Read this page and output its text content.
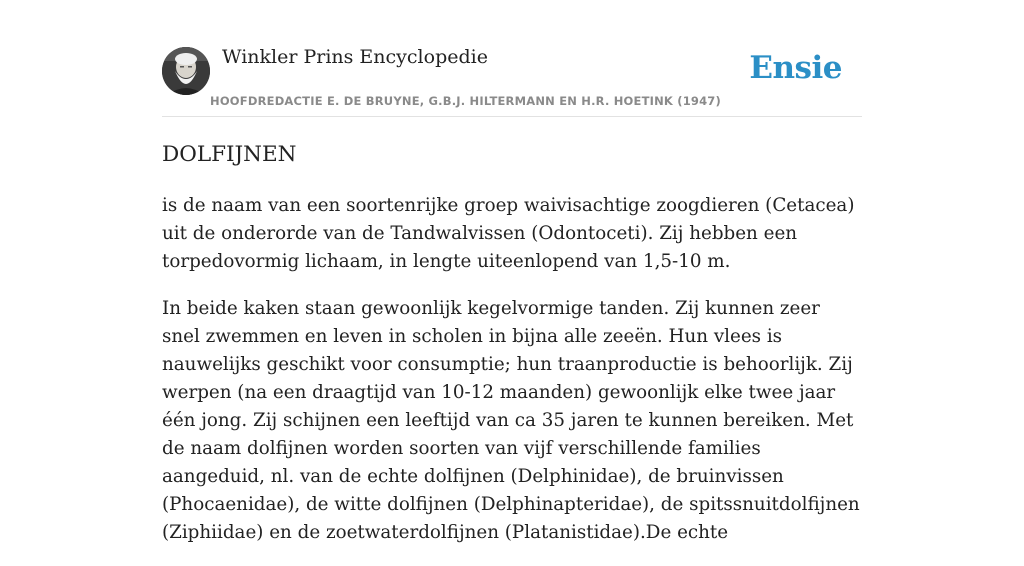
Winkler Prins Encyclopedie
HOOFDREDACTIE E. DE BRUYNE, G.B.J. HILTERMANN EN H.R. HOETINK (1947)
Ensie
DOLFIJNEN

is de naam van een soortenrijke groep waivisachtige zoogdieren (Cetacea) uit de onderorde van de Tandwalvissen (Odontoceti). Zij hebben een torpedovormig lichaam, in lengte uiteenlopend van 1,5-10 m.

In beide kaken staan gewoonlijk kegelvormige tanden. Zij kunnen zeer snel zwemmen en leven in scholen in bijna alle zeeën. Hun vlees is nauwelijks geschikt voor consumptie; hun traanproductie is behoorlijk. Zij werpen (na een draagtijd van 10-12 maanden) gewoonlijk elke twee jaar één jong. Zij schijnen een leeftijd van ca 35 jaren te kunnen bereiken. Met de naam dolfijnen worden soorten van vijf verschillende families aangeduid, nl. van de echte dolfijnen (Delphinidae), de bruinvissen (Phocaenidae), de witte dolfijnen (Delphinapteridae), de spitssnuitdolfijnen (Ziphiidae) en de zoetwaterdolfijnen (Platanistidae).De echte
